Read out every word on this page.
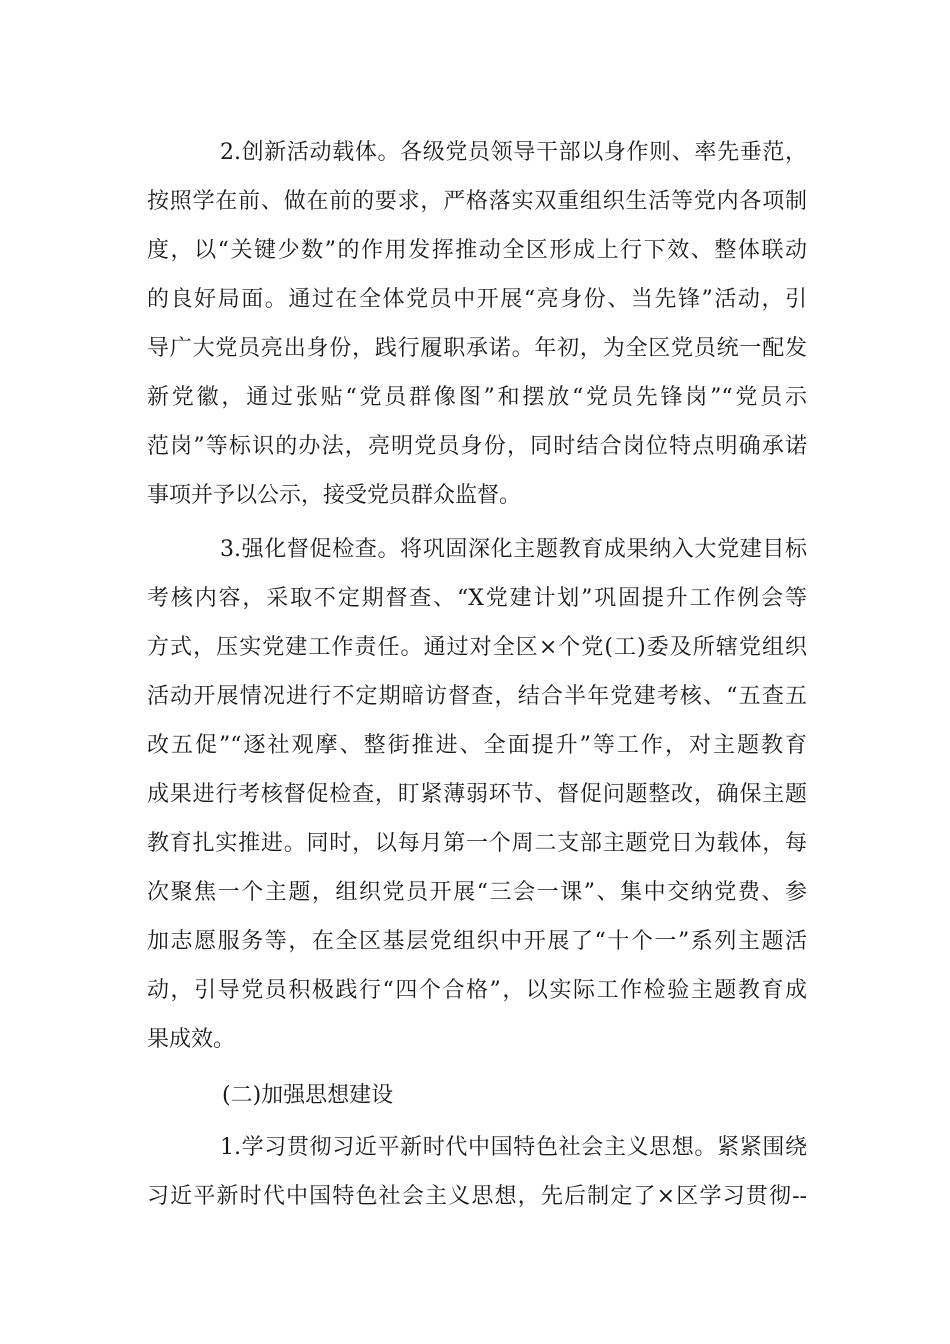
2.创新活动载体。各级党员领导干部以身作则、率先垂范，
按照学在前、做在前的要求，严格落实双重组织生活等党内各项制
度，以“关键少数”的作用发挥推动全区形成上行下效、整体联动
的良好局面。通过在全体党员中开展“亮身份、当先锋”活动，引
导广大党员亮出身份，践行履职承诺。年初，为全区党员统一配发
新党徽，通过张贴“党员群像图”和摆放“党员先锋岗”“党员示
范岗”等标识的办法，亮明党员身份，同时结合岗位特点明确承诺
事项并予以公示，接受党员群众监督。
3.强化督促检查。将巩固深化主题教育成果纳入大党建目标
考核内容，采取不定期督查、“X党建计划”巩固提升工作例会等
方式，压实党建工作责任。通过对全区×个党(工)委及所辖党组织
活动开展情况进行不定期暗访督查，结合半年党建考核、“五查五
改五促”“逐社观摩、整街推进、全面提升”等工作，对主题教育
成果进行考核督促检查，盯紧薄弱环节、督促问题整改，确保主题
教育扎实推进。同时，以每月第一个周二支部主题党日为载体，每
次聚焦一个主题，组织党员开展“三会一课”、集中交纳党费、参
加志愿服务等，在全区基层党组织中开展了“十个一”系列主题活
动，引导党员积极践行“四个合格”，以实际工作检验主题教育成
果成效。
(二)加强思想建设
1.学习贯彻习近平新时代中国特色社会主义思想。紧紧围绕
习近平新时代中国特色社会主义思想，先后制定了×区学习贯彻--
